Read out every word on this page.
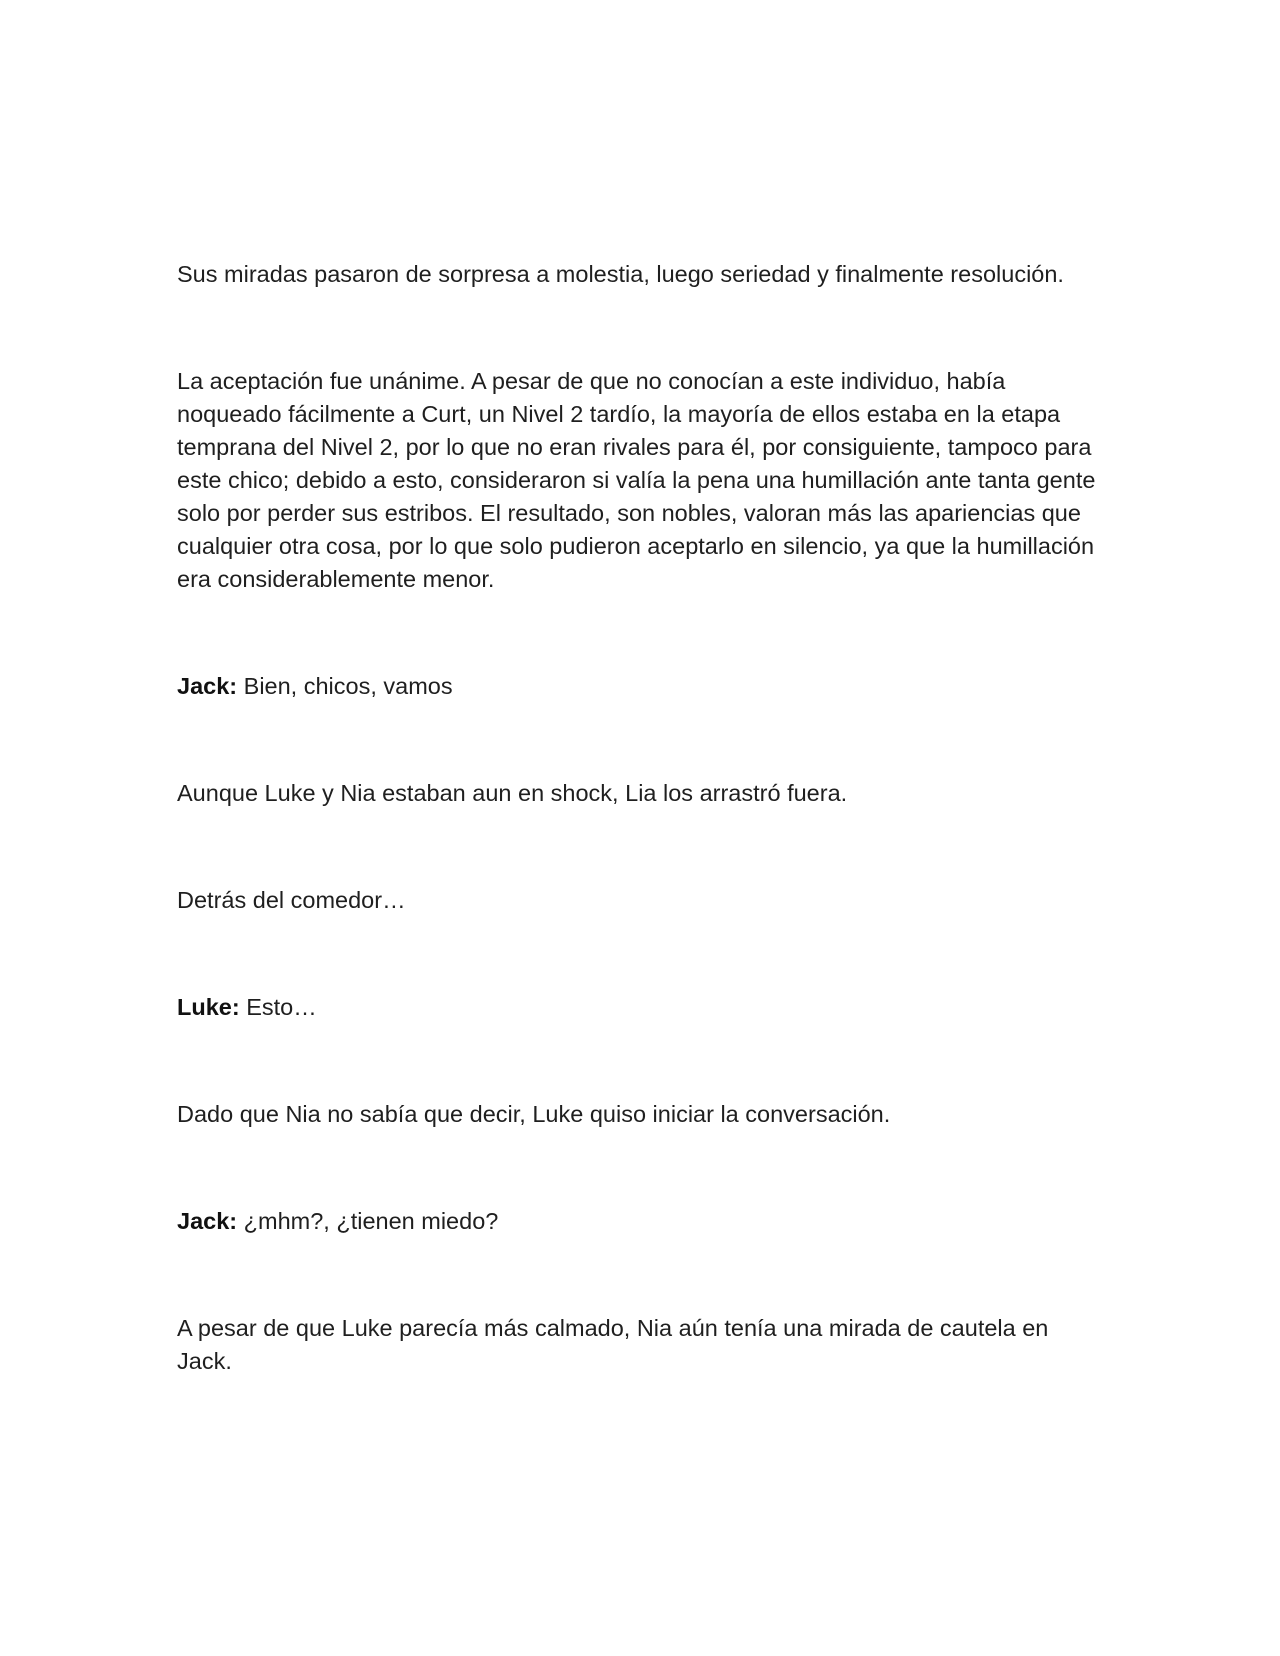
Sus miradas pasaron de sorpresa a molestia, luego seriedad y finalmente resolución.

La aceptación fue unánime. A pesar de que no conocían a este individuo, había noqueado fácilmente a Curt, un Nivel 2 tardío, la mayoría de ellos estaba en la etapa temprana del Nivel 2, por lo que no eran rivales para él, por consiguiente, tampoco para este chico; debido a esto, consideraron si valía la pena una humillación ante tanta gente solo por perder sus estribos. El resultado, son nobles, valoran más las apariencias que cualquier otra cosa, por lo que solo pudieron aceptarlo en silencio, ya que la humillación era considerablemente menor.

Jack: Bien, chicos, vamos

Aunque Luke y Nia estaban aun en shock, Lia los arrastró fuera.

Detrás del comedor…

Luke: Esto…

Dado que Nia no sabía que decir, Luke quiso iniciar la conversación.

Jack: ¿mhm?, ¿tienen miedo?

A pesar de que Luke parecía más calmado, Nia aún tenía una mirada de cautela en Jack.
